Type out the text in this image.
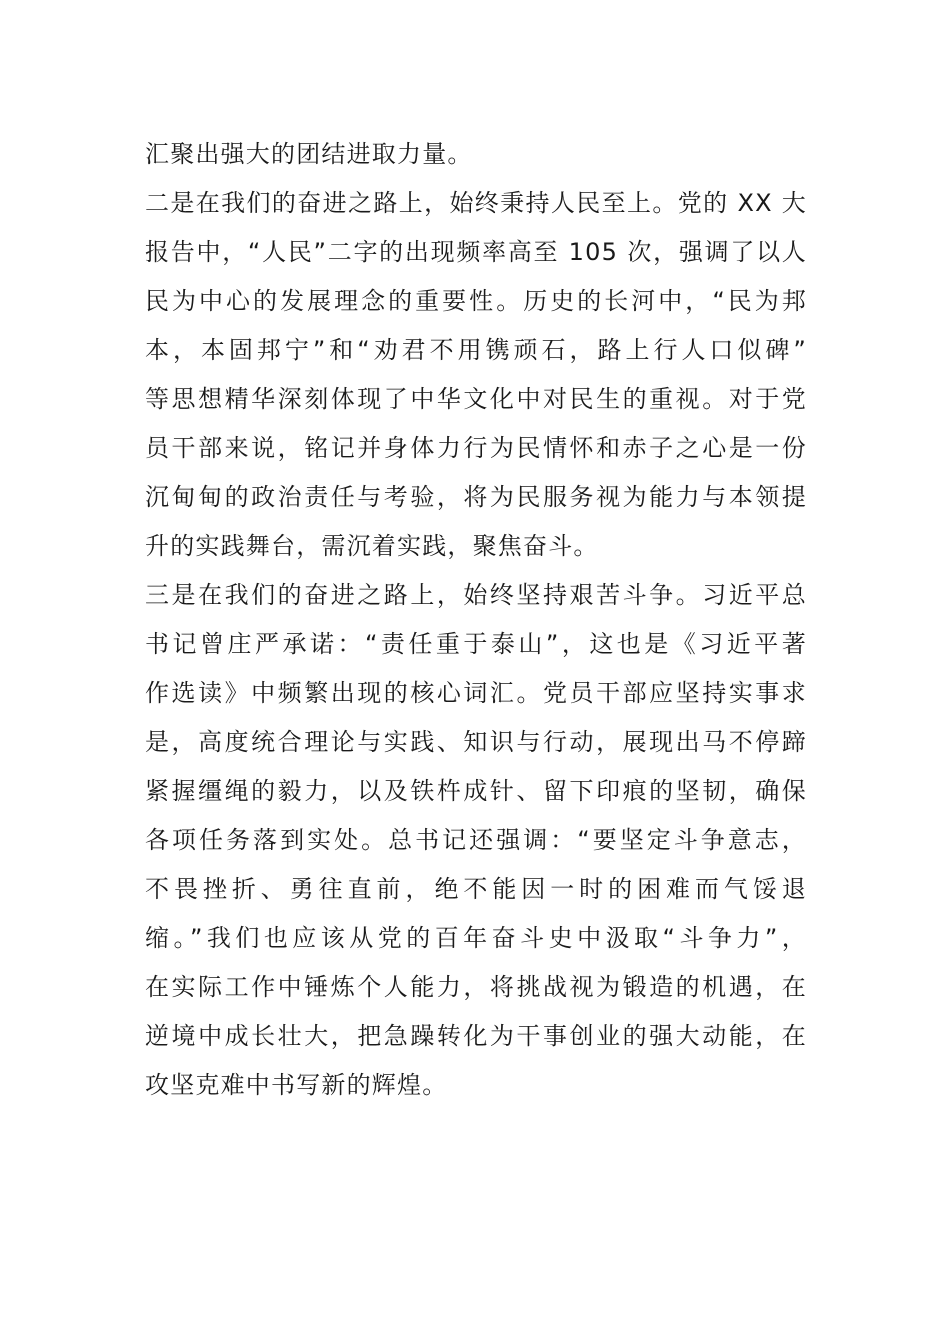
汇聚出强大的团结进取力量。
二是在我们的奋进之路上，始终秉持人民至上。党的 XX 大
报告中，“人民”二字的出现频率高至 105 次，强调了以人
民为中心的发展理念的重要性。历史的长河中，“民为邦
本，本固邦宁”和“劝君不用镌顽石，路上行人口似碑”
等思想精华深刻体现了中华文化中对民生的重视。对于党
员干部来说，铭记并身体力行为民情怀和赤子之心是一份
沉甸甸的政治责任与考验，将为民服务视为能力与本领提
升的实践舞台，需沉着实践，聚焦奋斗。
三是在我们的奋进之路上，始终坚持艰苦斗争。习近平总
书记曾庄严承诺：“责任重于泰山”，这也是《习近平著
作选读》中频繁出现的核心词汇。党员干部应坚持实事求
是，高度统合理论与实践、知识与行动，展现出马不停蹄
紧握缰绳的毅力，以及铁杵成针、留下印痕的坚韧，确保
各项任务落到实处。总书记还强调：“要坚定斗争意志，
不畏挫折、勇往直前，绝不能因一时的困难而气馁退
缩。”我们也应该从党的百年奋斗史中汲取“斗争力”，
在实际工作中锤炼个人能力，将挑战视为锻造的机遇，在
逆境中成长壮大，把急躁转化为干事创业的强大动能，在
攻坚克难中书写新的辉煌。
